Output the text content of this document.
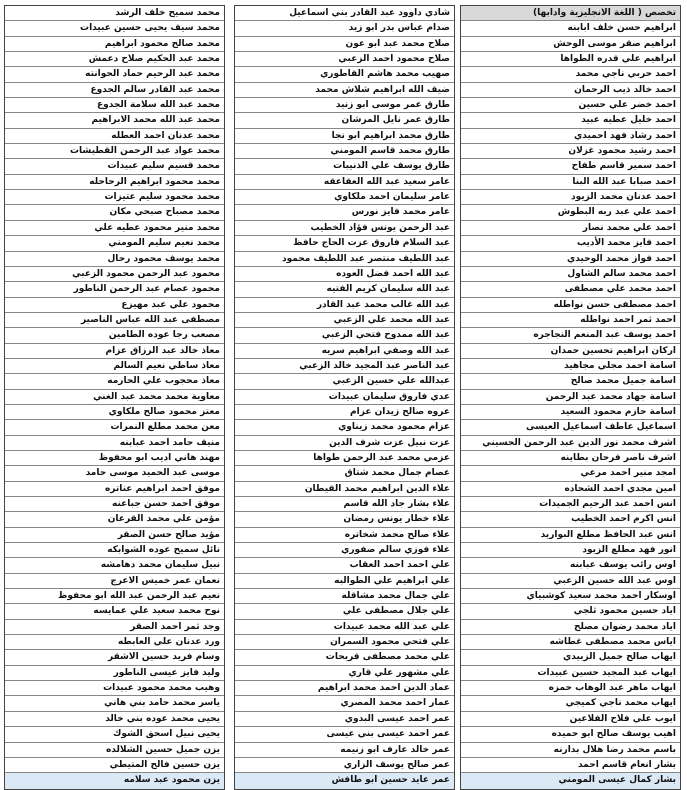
محمد سميح خلف الرشد
محمد سيف يحيى حسين عبيدات
محمد صالح محمود ابراهيم
محمد عبد الحكيم صلاح دعمش
محمد عبد الرحيم حماد الحوانته
محمد عبد القادر سالم الجدوع
محمد عبد الله سلامة الجدوع
محمد عبد الله محمد الابراهيم
محمد عدنان احمد العطله
محمد عواد عبد الرحمن القطيشات
محمد قسيم سليم عبيدات
محمد محمود ابراهيم الرحاحله
محمد محمود سليم عتيزات
محمد مصباح صبحي مكان
محمد منير محمود عطيه علي
محمد نعيم سليم المومني
محمد يوسف محمود رحال
محمود عبد الرحمن محمود الزعبي
محمود عصام عبد الرحمن الناطور
محمود علي عبد مهيزع
مصطفى عبد الله عباس الناصير
مصعب رجا عوده الطامين
معاذ خالد عبد الرزاق عزام
معاذ ساطي نعيم السالم
معاذ محجوب علي الحارمه
معاوية محمد محمد عبد الغني
معتز محمود صالح ملكاوي
معن محمد مطلع النمرات
منيف حامد احمد عبابنه
مهند هاني اديب ابو محفوظ
موسى عبد الحميد موسى حامد
موفق احمد ابراهيم عناتره
موفق احمد حسن جباعنه
مؤمن علي محمد القرعان
مؤيد صالح حسن الصقر
نائل سميح عوده الشوابكه
نبيل سليمان محمد دهامشه
نعمان عمر خميس الاعرج
نعيم عبد الرحمن عبد الله ابو محفوظ
نوح محمد سعيد علي عمايسه
وجد ثمر احمد الصقر
ورد عدنان علي العابطه
وسام فريد حسين الاشقر
وليد فايز عيسى الناطور
وهيب محمد محمود عبيدات
ياسر محمد حامد بني هاني
يحيى محمد عوده بني خالد
يحيى نبيل اسحق الشوك
يزن جميل حسين الشلالده
يزن حسين فالح المتيطي
يزن محمود عبد سلامه
شادي داوود عبد القادر بني اسماعيل
صدام عباس بدر ابو زيد
صلاح محمد عبد ابو عون
صلاح محمود احمد الزعبي
صهيب محمد هاشم القاطوري
ضيف الله ابراهيم شلاش محمد
طارق عمر موسى ابو زنيد
طارق عمر نايل المرشان
طارق محمد ابراهيم ابو نجا
طارق محمد قاسم المومني
طارق يوسف علي الذنيبات
عامر سعيد عبد الله العقاعقه
عامر سليمان احمد ملكاوي
عامر محمد فايز نورس
عبد الرحمن يونس فؤاد الخطيب
عبد السلام فاروق عزت الحاج حافظ
عبد اللطيف منتصر عبد اللطيف محمود
عبد الله احمد فضل العوده
عبد الله سليمان كريم الفتيه
عبد الله غالب محمد عبد القادر
عبد الله محمد علي الزعبي
عبد الله ممدوح فتحي الزعبي
عبد الله وصفي ابراهيم سريه
عبد الناصر عبد المجيد خالد الزعبي
عبدالله علي حسين الزعبي
عدي فاروق سليمان عبيدات
عروه صالح زيدان عزام
عزام محمود محمد زيناوي
عزت نبيل عزت شرف الدين
عزمي محمد عبد الرحمن طواها
عصام جمال محمد شتاق
علاء الدين ابراهيم محمد القيطان
علاء بشار جاد الله قاسم
علاء خطار يونس رمضان
علاء صالح محمد شخاتره
علاء فوزي سالم صفوري
علي احمد احمد العقاب
علي ابراهيم علي الطوالبه
علي جمال محمد مشاقله
علي جلال مصطفى علي
علي عبد الله محمد عبيدات
علي فتحي محمود السمران
علي محمد مصطفى قريحات
علي مشهور علي قاري
عماد الدين احمد محمد ابراهيم
عمار احمد محمد المصري
عمر احمد عيسى البدوي
عمر احمد عيسى بني عيسى
عمر خالد عارف ابو زنيمه
عمر صالح يوسف الزاري
عمر عايد حسين ابو طافش
تخصص ( اللغة الانجليزية وادابها)
ابراهيم حسن خلف ابابنه
ابراهيم صقر موسى الوحش
ابراهيم علي قدره الطواها
احمد حربي ناجي محمد
احمد خالد ذيب الرحمان
احمد خضر علي حسين
احمد خليل عطيه عبيد
احمد رشاد فهد احميدي
احمد رشيد محمود غزلان
احمد سمير قاسم طفاح
احمد صبابا عبد الله البنا
احمد عدنان محمد الزيود
احمد علي عبد ربه البطوش
احمد علي محمد نصار
احمد فايز محمد الأديب
احمد فواز محمد الوحيدي
احمد محمد سالم الشاول
احمد محمد علي مصطفى
احمد مصطفى حسن نواطله
احمد ثمر احمد نواطله
احمد يوسف عبد المنعم النجاجره
اركان ابراهيم تحسين حمدان
اسامة احمد مجلي مجاهيد
اسامة جميل محمد صالح
اسامة جهاد محمد عبد الرحمن
اسامة حازم محمود السعيد
اسماعيل عاطف اسماعيل العيسى
اشرف محمد نور الدين عبد الرحمن الحسيني
اشرف ناصر فرحان بطاينه
امجد منير احمد مرعي
امين مجدي احمد الشحاده
انس احمد عبد الرحيم الجميدات
انس اكرم احمد الخطيب
انس عبد الحافظ مطلع البواريد
انور فهد مطلع الزيود
اوس رائب يوسف عبابنه
اوس عبد الله حسين الزعبي
اوسكار احمد محمد سعيد كوشبياي
اياد حسين محمود ثلجي
اياد محمد رضوان مصلح
اياس محمد مصطفى غطاشه
ايهاب صالح جميل الزبيدي
ايهاب عبد المجيد حسين عبيدات
ايهاب ماهر عبد الوهاب حمزه
ايهاب محمد ناجي كميجي
ايوب علي فلاح الفلاعين
اهيب يوسف صالح ابو حميده
باسم محمد رضا هلال بدارنه
بشار انعام قاسم احمد
بشار كمال عيسى المومني
